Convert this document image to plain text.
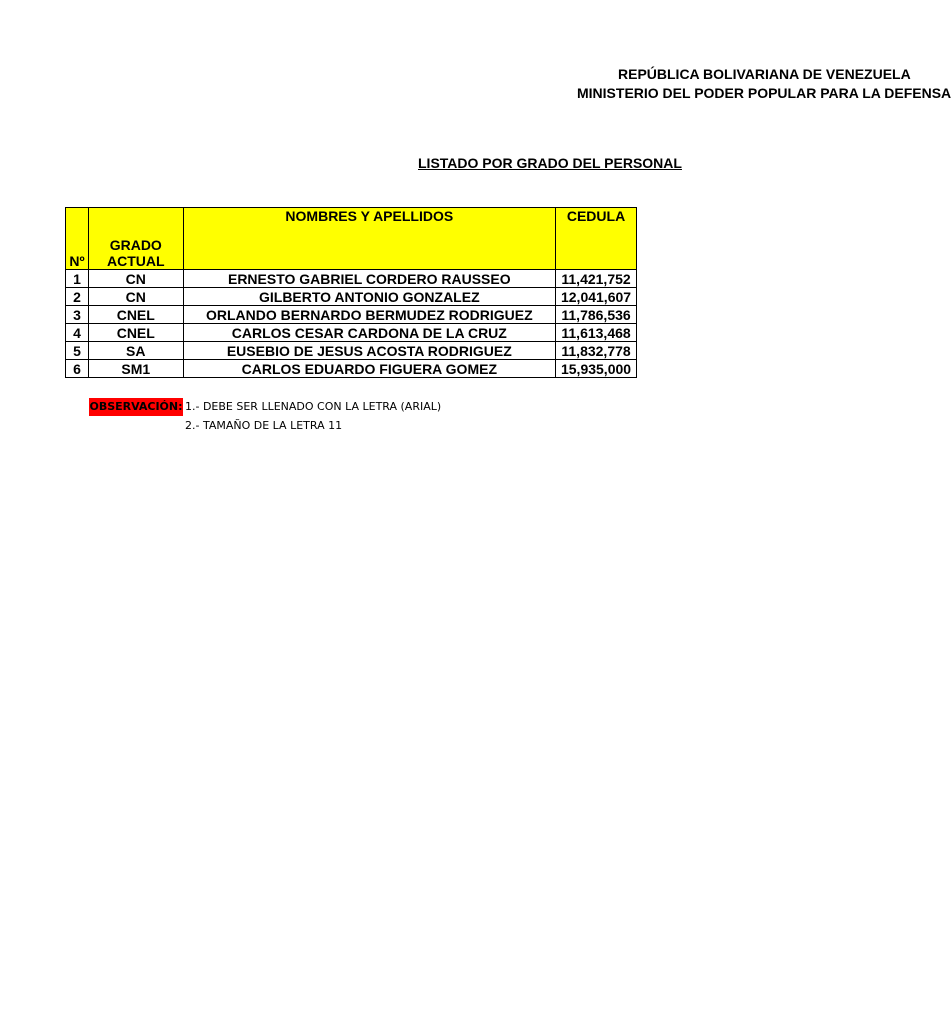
REPÚBLICA BOLIVARIANA DE VENEZUELA
MINISTERIO DEL PODER POPULAR PARA LA DEFENSA
LISTADO POR GRADO DEL PERSONAL
Nº	GRADO ACTUAL	NOMBRES Y APELLIDOS	CEDULA
1	CN	ERNESTO GABRIEL CORDERO RAUSSEO	11,421,752
2	CN	GILBERTO ANTONIO GONZALEZ	12,041,607
3	CNEL	ORLANDO BERNARDO BERMUDEZ RODRIGUEZ	11,786,536
4	CNEL	CARLOS CESAR CARDONA DE LA CRUZ	11,613,468
5	SA	EUSEBIO DE JESUS ACOSTA RODRIGUEZ	11,832,778
6	SM1	CARLOS EDUARDO FIGUERA GOMEZ	15,935,000
OBSERVACIÓN: 1.- DEBE SER LLENADO CON LA LETRA (ARIAL)
2.- TAMAÑO DE LA LETRA 11
